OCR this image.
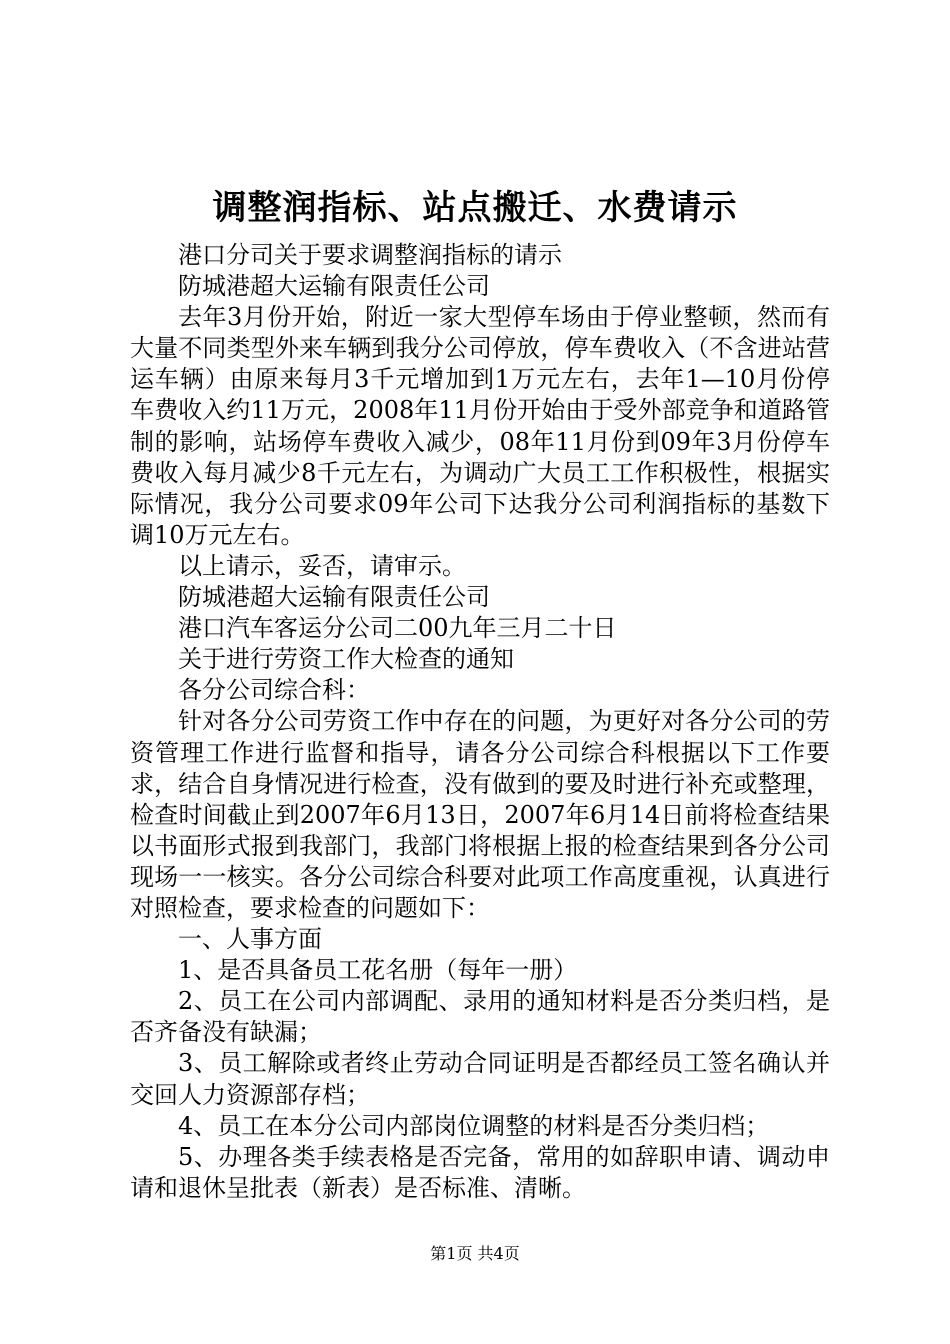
调整润指标、站点搬迁、水费请示

港口分司关于要求调整润指标的请示

防城港超大运输有限责任公司

去年3月份开始，附近一家大型停车场由于停业整顿，然而有大量不同类型外来车辆到我分公司停放，停车费收入（不含进站营运车辆）由原来每月3千元增加到1万元左右，去年1—10月份停车费收入约11万元，2008年11月份开始由于受外部竞争和道路管制的影响，站场停车费收入减少，08年11月份到09年3月份停车费收入每月减少8千元左右，为调动广大员工工作积极性，根据实际情况，我分公司要求09年公司下达我分公司利润指标的基数下调10万元左右。

以上请示，妥否，请审示。

防城港超大运输有限责任公司

港口汽车客运分公司二00九年三月二十日

关于进行劳资工作大检查的通知

各分公司综合科：

针对各分公司劳资工作中存在的问题，为更好对各分公司的劳资管理工作进行监督和指导，请各分公司综合科根据以下工作要求，结合自身情况进行检查，没有做到的要及时进行补充或整理，检查时间截止到2007年6月13日，2007年6月14日前将检查结果以书面形式报到我部门，我部门将根据上报的检查结果到各分公司现场一一核实。各分公司综合科要对此项工作高度重视，认真进行对照检查，要求检查的问题如下：

一、人事方面

1、是否具备员工花名册（每年一册）

2、员工在公司内部调配、录用的通知材料是否分类归档，是否齐备没有缺漏；

3、员工解除或者终止劳动合同证明是否都经员工签名确认并交回人力资源部存档；

4、员工在本分公司内部岗位调整的材料是否分类归档；

5、办理各类手续表格是否完备，常用的如辞职申请、调动申请和退休呈批表（新表）是否标准、清晰。

第1页 共4页
